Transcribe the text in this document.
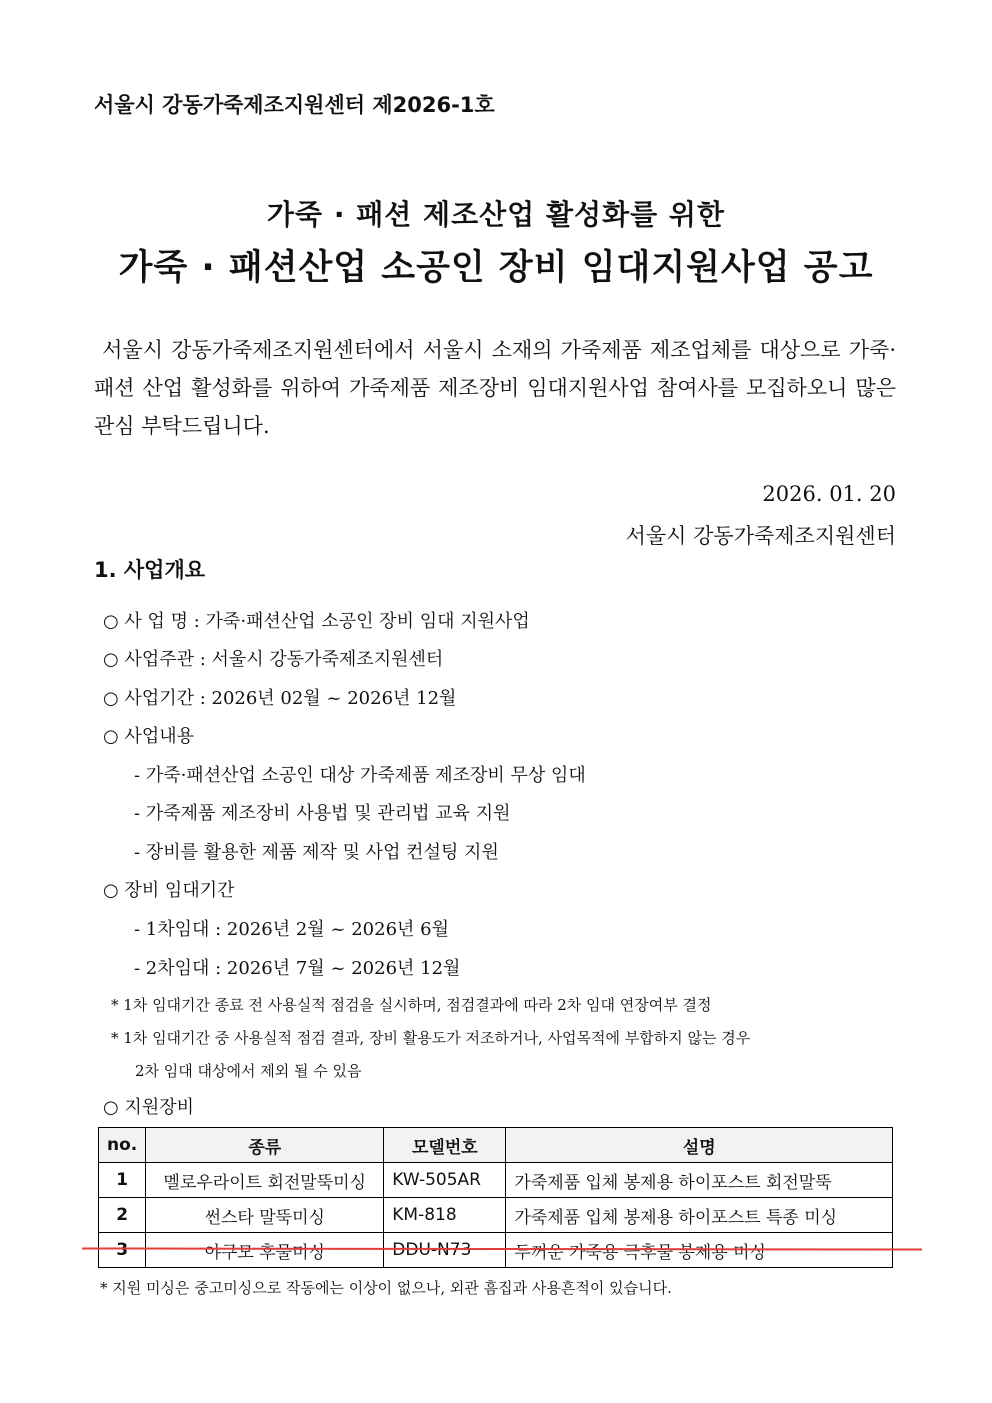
서울시 강동가죽제조지원센터 제2026-1호
가죽 · 패션 제조산업 활성화를 위한
가죽 · 패션산업 소공인 장비 임대지원사업 공고
서울시 강동가죽제조지원센터에서 서울시 소재의 가죽제품 제조업체를 대상으로 가죽·패션 산업 활성화를 위하여 가죽제품 제조장비 임대지원사업 참여사를 모집하오니 많은 관심 부탁드립니다.
2026. 01. 20
서울시 강동가죽제조지원센터
1. 사업개요
○ 사 업 명 : 가죽·패션산업 소공인 장비 임대 지원사업
○ 사업주관 : 서울시 강동가죽제조지원센터
○ 사업기간 : 2026년 02월 ~ 2026년 12월
○ 사업내용
- 가죽·패션산업 소공인 대상 가죽제품 제조장비 무상 임대
- 가죽제품 제조장비 사용법 및 관리법 교육 지원
- 장비를 활용한 제품 제작 및 사업 컨설팅 지원
○ 장비 임대기간
- 1차임대 : 2026년 2월 ~ 2026년 6월
- 2차임대 : 2026년 7월 ~ 2026년 12월
* 1차 임대기간 종료 전 사용실적 점검을 실시하며, 점검결과에 따라 2차 임대 연장여부 결정
* 1차 임대기간 중 사용실적 점검 결과, 장비 활용도가 저조하거나, 사업목적에 부합하지 않는 경우
2차 임대 대상에서 제외 될 수 있음
○ 지원장비
no.	종류	모델번호	설명
1	멜로우라이트 회전말뚝미싱	KW-505AR	가죽제품 입체 봉제용 하이포스트 회전말뚝
2	썬스타 말뚝미싱	KM-818	가죽제품 입체 봉제용 하이포스트 특종 미싱
3	야쿠모 후물미싱	DDU-N73	두꺼운 가죽용 극후물 봉제용 미싱
* 지원 미싱은 중고미싱으로 작동에는 이상이 없으나, 외관 흠집과 사용흔적이 있습니다.
